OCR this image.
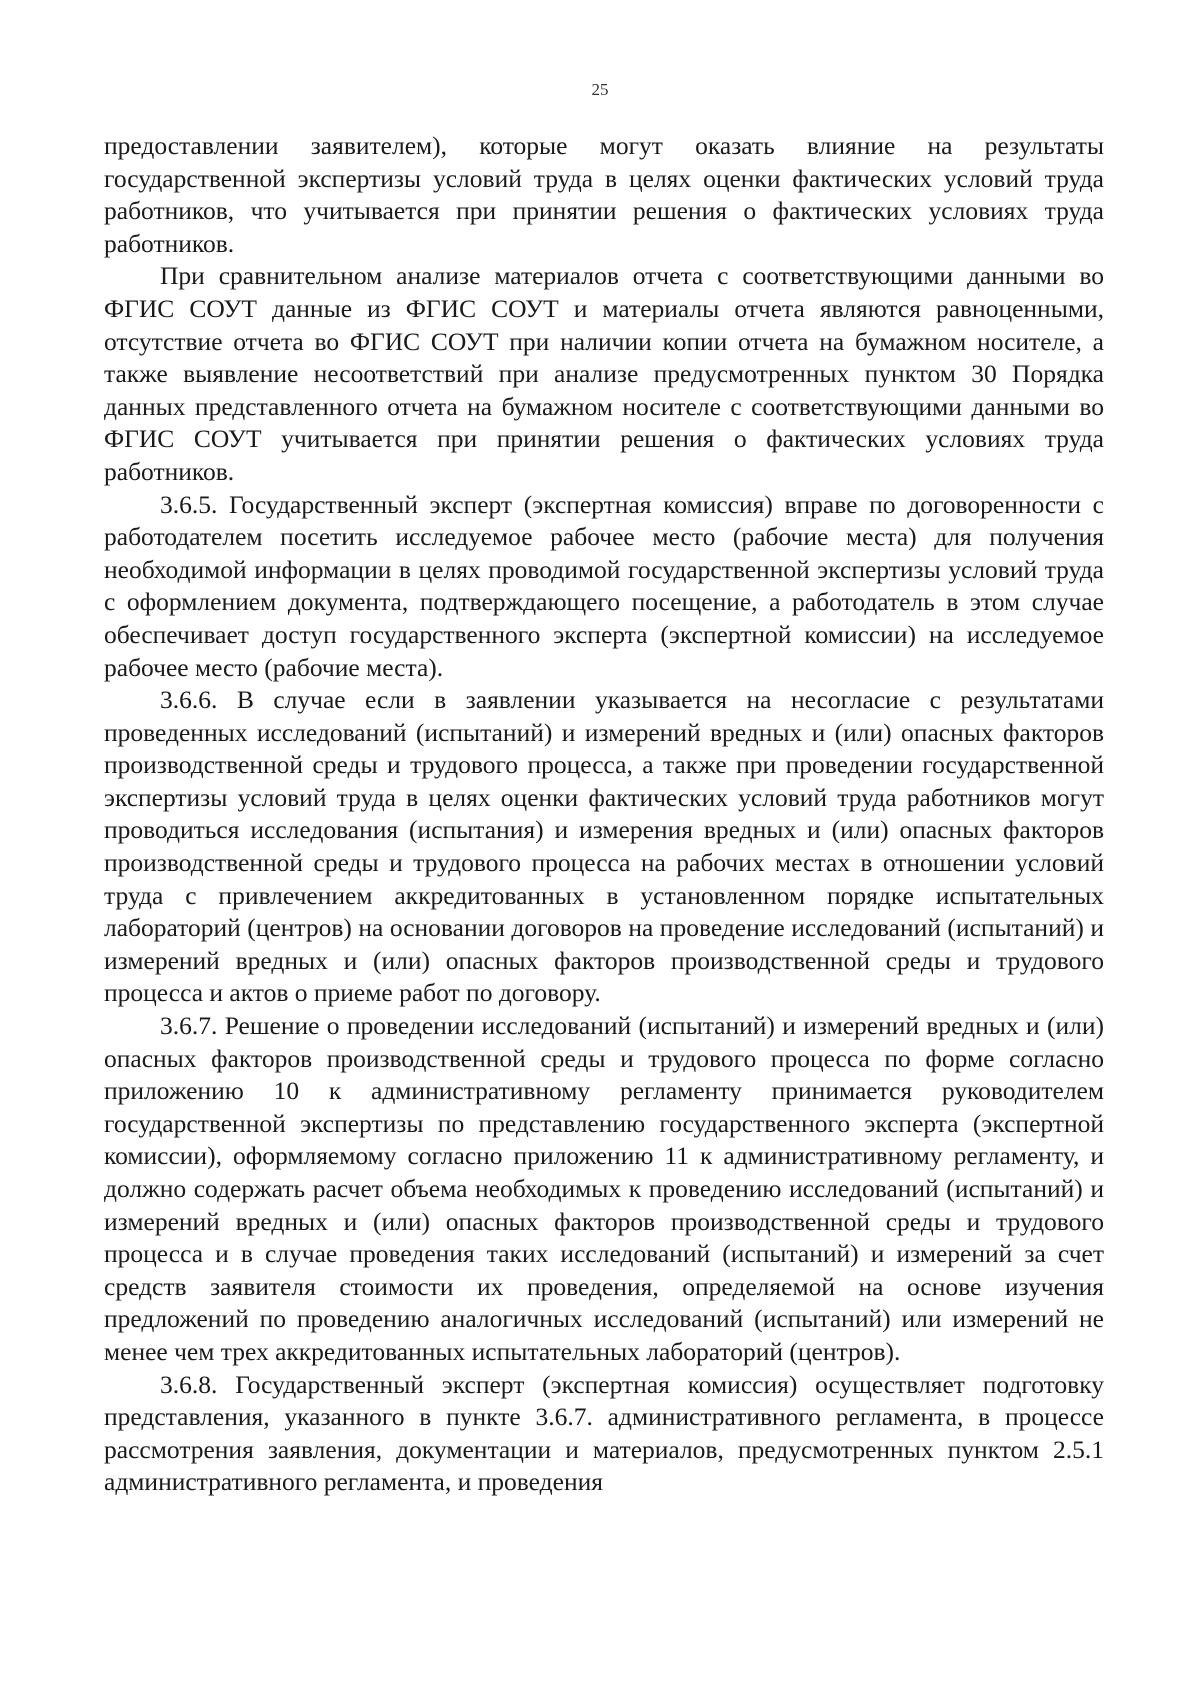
25

предоставлении заявителем), которые могут оказать влияние на результаты государственной экспертизы условий труда в целях оценки фактических условий труда работников, что учитывается при принятии решения о фактических условиях труда работников.

При сравнительном анализе материалов отчета с соответствующими данными во ФГИС СОУТ данные из ФГИС СОУТ и материалы отчета являются равноценными, отсутствие отчета во ФГИС СОУТ при наличии копии отчета на бумажном носителе, а также выявление несоответствий при анализе предусмотренных пунктом 30 Порядка данных представленного отчета на бумажном носителе с соответствующими данными во ФГИС СОУТ учитывается при принятии решения о фактических условиях труда работников.

3.6.5. Государственный эксперт (экспертная комиссия) вправе по договоренности с работодателем посетить исследуемое рабочее место (рабочие места) для получения необходимой информации в целях проводимой государственной экспертизы условий труда с оформлением документа, подтверждающего посещение, а работодатель в этом случае обеспечивает доступ государственного эксперта (экспертной комиссии) на исследуемое рабочее место (рабочие места).

3.6.6. В случае если в заявлении указывается на несогласие с результатами проведенных исследований (испытаний) и измерений вредных и (или) опасных факторов производственной среды и трудового процесса, а также при проведении государственной экспертизы условий труда в целях оценки фактических условий труда работников могут проводиться исследования (испытания) и измерения вредных и (или) опасных факторов производственной среды и трудового процесса на рабочих местах в отношении условий труда с привлечением аккредитованных в установленном порядке испытательных лабораторий (центров) на основании договоров на проведение исследований (испытаний) и измерений вредных и (или) опасных факторов производственной среды и трудового процесса и актов о приеме работ по договору.

3.6.7. Решение о проведении исследований (испытаний) и измерений вредных и (или) опасных факторов производственной среды и трудового процесса по форме согласно приложению 10 к административному регламенту принимается руководителем государственной экспертизы по представлению государственного эксперта (экспертной комиссии), оформляемому согласно приложению 11 к административному регламенту, и должно содержать расчет объема необходимых к проведению исследований (испытаний) и измерений вредных и (или) опасных факторов производственной среды и трудового процесса и в случае проведения таких исследований (испытаний) и измерений за счет средств заявителя стоимости их проведения, определяемой на основе изучения предложений по проведению аналогичных исследований (испытаний) или измерений не менее чем трех аккредитованных испытательных лабораторий (центров).

3.6.8. Государственный эксперт (экспертная комиссия) осуществляет подготовку представления, указанного в пункте 3.6.7. административного регламента, в процессе рассмотрения заявления, документации и материалов, предусмотренных пунктом 2.5.1 административного регламента, и проведения
